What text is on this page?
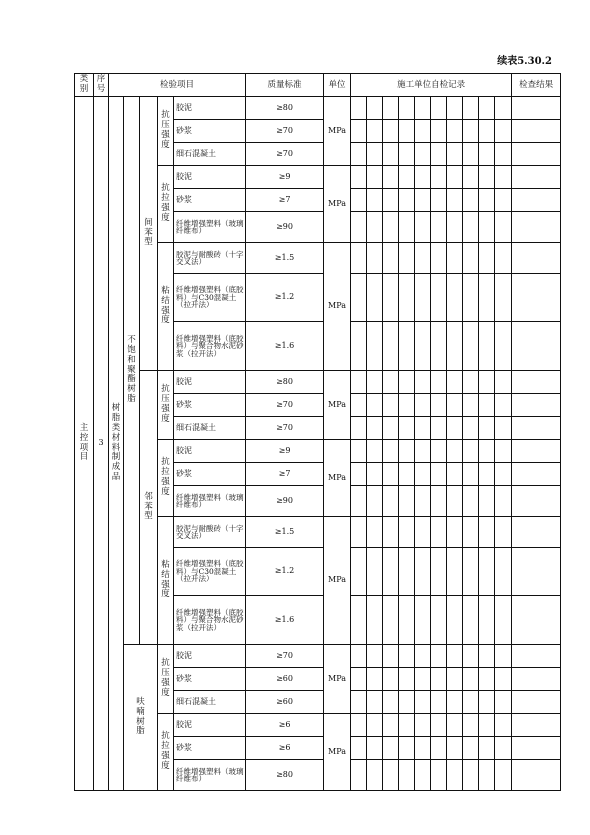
续表5.30.2
类别	序号	检验项目					质量标准	单位	施工单位自检记录										检查结果
主控项目	3	树脂类材料制成品	不饱和聚酯树脂	间苯型	抗压强度	胶泥	≥80	MPa											
						砂浆	≥70												
						细石混凝土	≥70												
					抗拉强度	胶泥	≥9	MPa											
						砂浆	≥7												
						纤维增强塑料（玻璃纤维布）	≥90												
					粘结强度	胶泥与耐酸砖（十字交叉法）	≥1.5	MPa											
						纤维增强塑料（底胶料）与C30混凝土（拉开法）	≥1.2												
						纤维增强塑料（底胶料）与聚合物水泥砂浆（拉开法）	≥1.6												
				邻苯型	抗压强度	胶泥	≥80	MPa											
						砂浆	≥70												
						细石混凝土	≥70												
					抗拉强度	胶泥	≥9	MPa											
						砂浆	≥7												
						纤维增强塑料（玻璃纤维布）	≥90												
					粘结强度	胶泥与耐酸砖（十字交叉法）	≥1.5	MPa											
						纤维增强塑料（底胶料）与C30混凝土（拉开法）	≥1.2												
						纤维增强塑料（底胶料）与聚合物水泥砂浆（拉开法）	≥1.6												
			呋喃树脂		抗压强度	胶泥	≥70	MPa											
						砂浆	≥60												
						细石混凝土	≥60												
					抗拉强度	胶泥	≥6	MPa											
						砂浆	≥6												
						纤维增强塑料（玻璃纤维布）	≥80												
